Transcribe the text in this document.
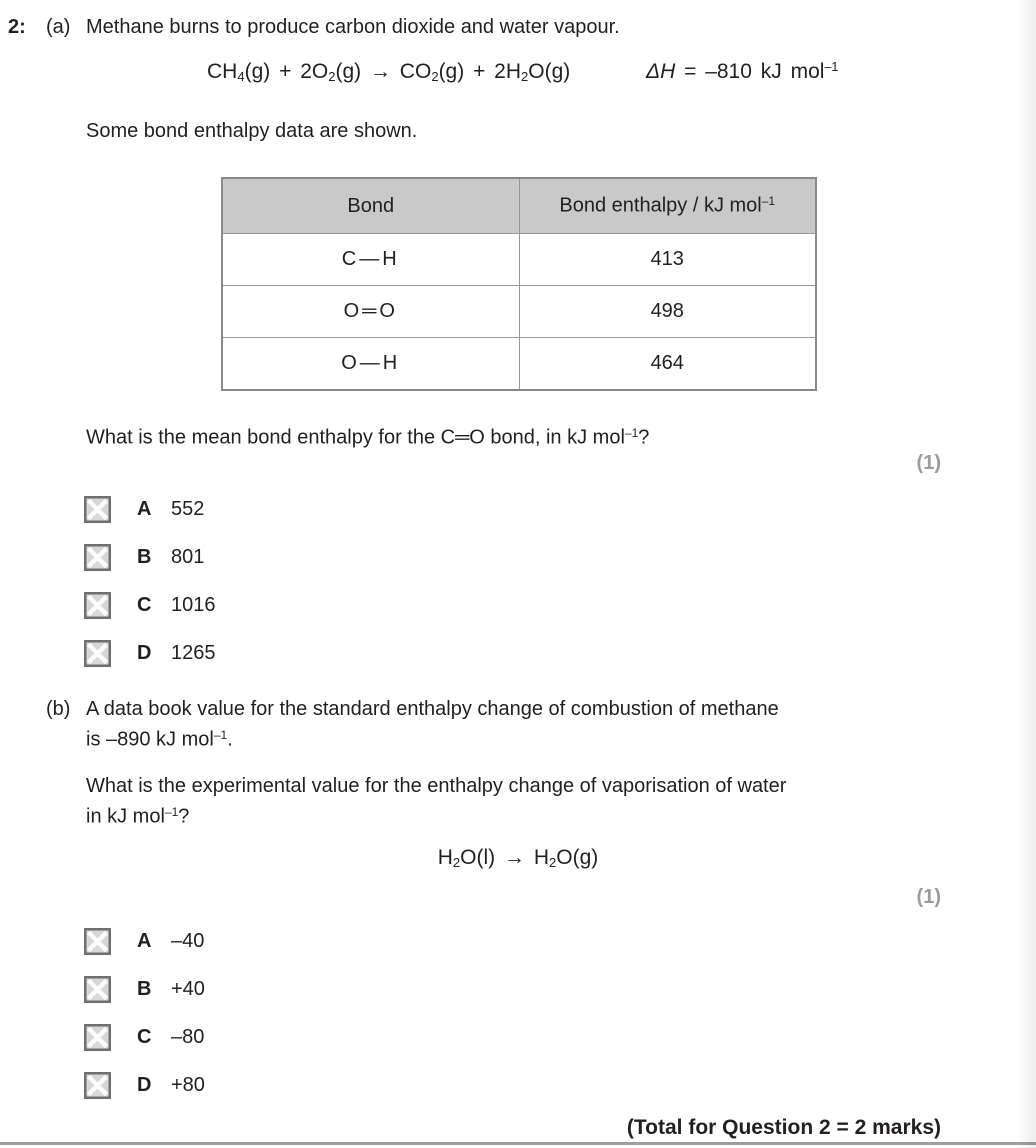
2: (a) Methane burns to produce carbon dioxide and water vapour.
CH4(g) + 2O2(g) → CO2(g) + 2H2O(g)	ΔH = –810 kJ mol$^{-1}$
Some bond enthalpy data are shown.
Bond	Bond enthalpy / kJ mol$^{-1}$
C—H	413
O═O	498
O—H	464
What is the mean bond enthalpy for the C═O bond, in kJ mol$^{-1}$?
(1)
A 552
B 801
C 1016
D 1265
(b) A data book value for the standard enthalpy change of combustion of methane
is –890 kJ mol$^{-1}$.
What is the experimental value for the enthalpy change of vaporisation of water
in kJ mol$^{-1}$?
H2O(l) → H2O(g)
(1)
A –40
B +40
C –80
D +80
(Total for Question 2 = 2 marks)
